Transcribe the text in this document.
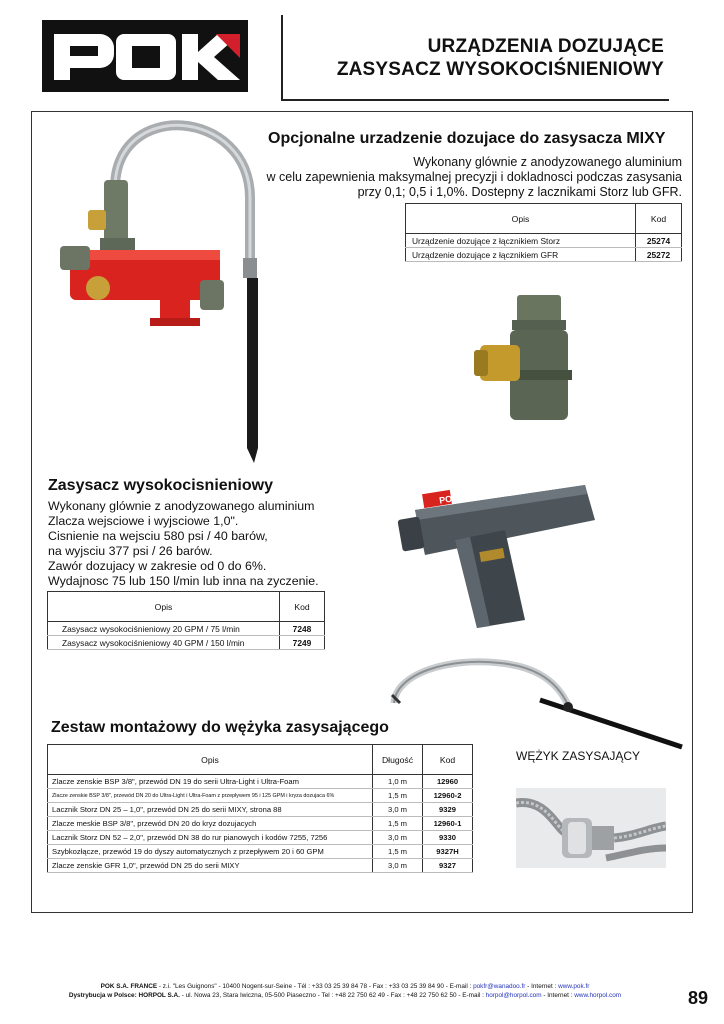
URZĄDZENIA DOZUJĄCE
ZASYSACZ WYSOKOCIŚNIENIOWY
Opcjonalne urzadzenie dozujace do zasysacza MIXY
Wykonany glównie z anodyzowanego aluminium
w celu zapewnienia maksymalnej precyzji i dokladnosci podczas zasysania
przy 0,1; 0,5 i 1,0%. Dostepny z lacznikami Storz lub GFR.
Opis	Kod
Urządzenie dozujące z łącznikiem Storz	25274
Urządzenie dozujące z łącznikiem GFR	25272
Zasysacz wysokocisnieniowy
Wykonany glównie z anodyzowanego aluminium
Zlacza wejsciowe i wyjsciowe 1,0".
Cisnienie na wejsciu 580 psi / 40 barów,
na wyjsciu 377 psi / 26 barów.
Zawór dozujacy w zakresie od 0 do 6%.
Wydajnosc 75 lub 150 l/min lub inna na zyczenie.
Opis	Kod
Zasysacz wysokociśnieniowy 20 GPM / 75 l/min	7248
Zasysacz wysokociśnieniowy 40 GPM / 150 l/min	7249
POK
Zestaw montażowy do wężyka zasysającego
Opis	Długość	Kod
Zlacze zenskie BSP 3/8", przewód DN 19 do serii Ultra-Light i Ultra-Foam	1,0 m	12960
Zlacze zenskie BSP 3/8", przewód DN 20 do Ultra-Light i Ultra-Foam z przepływem 95 i 125 GPM i kryza dozujaca 6%	1,5 m	12960-2
Lacznik Storz DN 25 – 1,0", przewód DN 25 do serii MIXY, strona 88	3,0 m	9329
Zlacze meskie BSP 3/8", przewód DN 20 do kryz dozujacych	1,5 m	12960-1
Lacznik Storz DN 52 – 2,0", przewód DN 38 do rur pianowych i kodów 7255, 7256	3,0 m	9330
Szybkozłącze, przewód 19 do dyszy automatycznych z przepływem 20 i 60 GPM	1,5 m	9327H
Zlacze zenskie GFR 1,0", przewód DN 25 do serii MIXY	3,0 m	9327
WĘŻYK ZASYSAJĄCY
POK S.A. FRANCE - z.i. "Les Guignons" - 10400 Nogent-sur-Seine - Tél : +33 03 25 39 84 78 - Fax : +33 03 25 39 84 90 - E-mail : pokfr@wanadoo.fr - Internet : www.pok.fr
Dystrybucja w Polsce: HORPOL S.A. - ul. Nowa 23, Stara Iwiczna, 05-500 Piaseczno - Tel : +48 22 750 62 49 - Fax : +48 22 750 62 50 - E-mail : horpol@horpol.com - Internet : www.horpol.com	89
